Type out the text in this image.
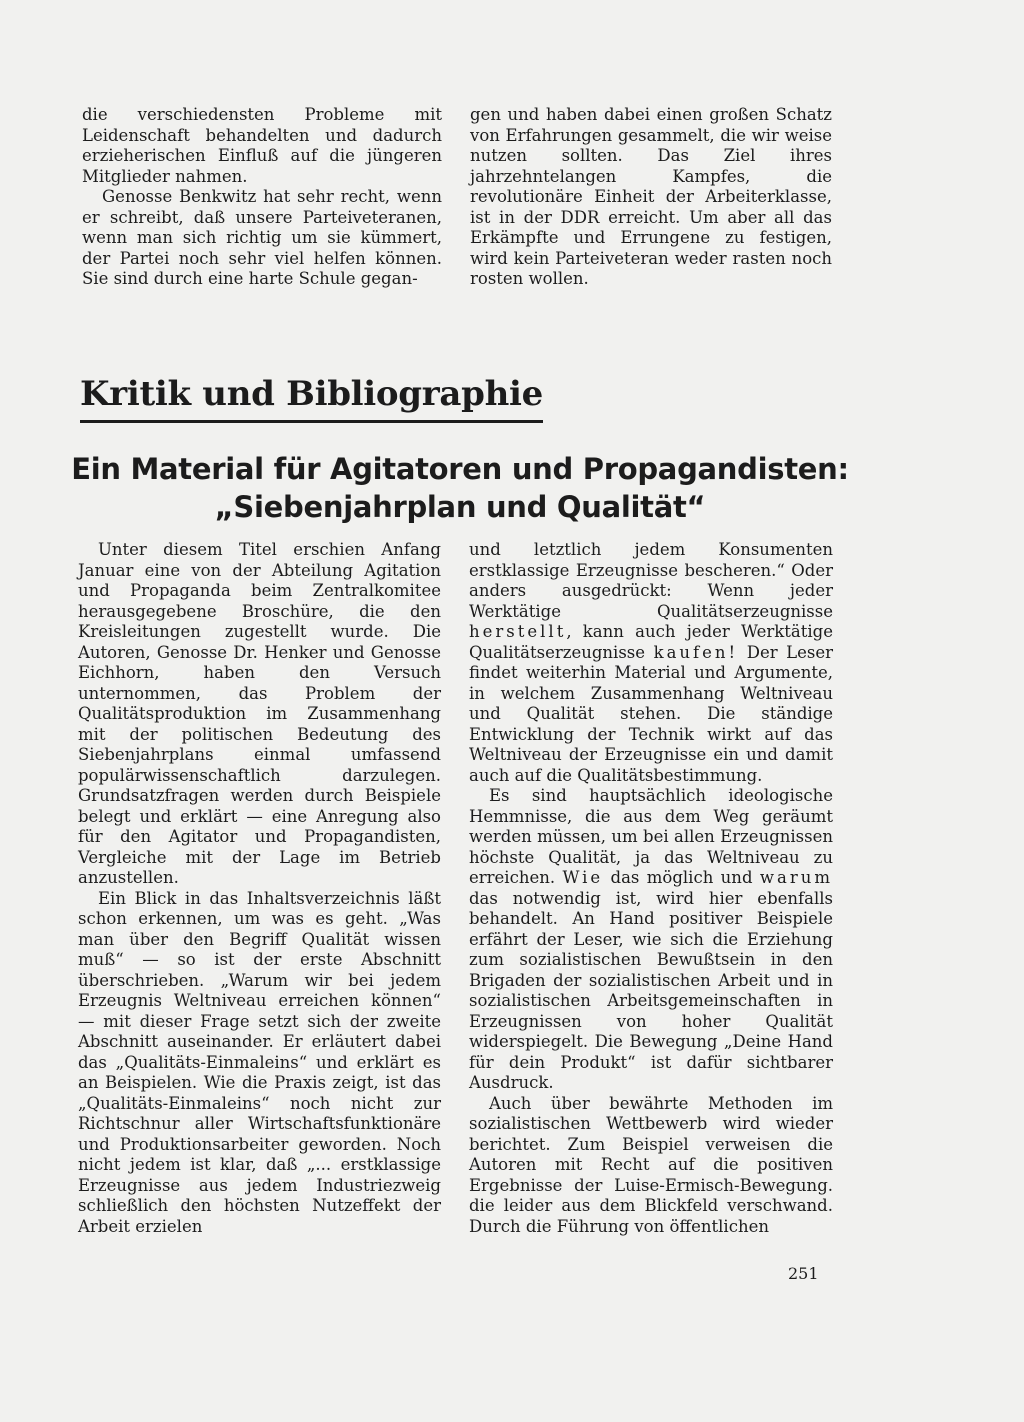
die verschiedensten Probleme mit Leidenschaft behandelten und dadurch erzieherischen Einfluß auf die jüngeren Mitglieder nahmen.

Genosse Benkwitz hat sehr recht, wenn er schreibt, daß unsere Parteiveteranen, wenn man sich richtig um sie kümmert, der Partei noch sehr viel helfen können. Sie sind durch eine harte Schule gegan-

gen und haben dabei einen großen Schatz von Erfahrungen gesammelt, die wir weise nutzen sollten. Das Ziel ihres jahrzehntelangen Kampfes, die revolutionäre Einheit der Arbeiterklasse, ist in der DDR erreicht. Um aber all das Erkämpfte und Errungene zu festigen, wird kein Parteiveteran weder rasten noch rosten wollen.

Kritik und Bibliographie
Ein Material für Agitatoren und Propagandisten:
„Siebenjahrplan und Qualität“

Unter diesem Titel erschien Anfang Januar eine von der Abteilung Agitation und Propaganda beim Zentralkomitee herausgegebene Broschüre, die den Kreisleitungen zugestellt wurde. Die Autoren, Genosse Dr. Henker und Genosse Eichhorn, haben den Versuch unternommen, das Problem der Qualitätsproduktion im Zusammenhang mit der politischen Bedeutung des Siebenjahrplans einmal umfassend populärwissenschaftlich darzulegen. Grundsatzfragen werden durch Beispiele belegt und erklärt — eine Anregung also für den Agitator und Propagandisten, Vergleiche mit der Lage im Betrieb anzustellen.

Ein Blick in das Inhaltsverzeichnis läßt schon erkennen, um was es geht. „Was man über den Begriff Qualität wissen muß“ — so ist der erste Abschnitt überschrieben. „Warum wir bei jedem Erzeugnis Weltniveau erreichen können“ — mit dieser Frage setzt sich der zweite Abschnitt auseinander. Er erläutert dabei das „Qualitäts-Einmaleins“ und erklärt es an Beispielen. Wie die Praxis zeigt, ist das „Qualitäts-Einmaleins“ noch nicht zur Richtschnur aller Wirtschaftsfunktionäre und Produktionsarbeiter geworden. Noch nicht jedem ist klar, daß „... erstklassige Erzeugnisse aus jedem Industriezweig schließlich den höchsten Nutzeffekt der Arbeit erzielen

und letztlich jedem Konsumenten erstklassige Erzeugnisse bescheren.“ Oder anders ausgedrückt: Wenn jeder Werktätige Qualitätserzeugnisse herstellt, kann auch jeder Werktätige Qualitätserzeugnisse kaufen! Der Leser findet weiterhin Material und Argumente, in welchem Zusammenhang Weltniveau und Qualität stehen. Die ständige Entwicklung der Technik wirkt auf das Weltniveau der Erzeugnisse ein und damit auch auf die Qualitätsbestimmung.

Es sind hauptsächlich ideologische Hemmnisse, die aus dem Weg geräumt werden müssen, um bei allen Erzeugnissen höchste Qualität, ja das Weltniveau zu erreichen. Wie das möglich und warum das notwendig ist, wird hier ebenfalls behandelt. An Hand positiver Beispiele erfährt der Leser, wie sich die Erziehung zum sozialistischen Bewußtsein in den Brigaden der sozialistischen Arbeit und in sozialistischen Arbeitsgemeinschaften in Erzeugnissen von hoher Qualität widerspiegelt. Die Bewegung „Deine Hand für dein Produkt“ ist dafür sichtbarer Ausdruck.

Auch über bewährte Methoden im sozialistischen Wettbewerb wird wieder berichtet. Zum Beispiel verweisen die Autoren mit Recht auf die positiven Ergebnisse der Luise-Ermisch-Bewegung. die leider aus dem Blickfeld verschwand. Durch die Führung von öffentlichen

251
